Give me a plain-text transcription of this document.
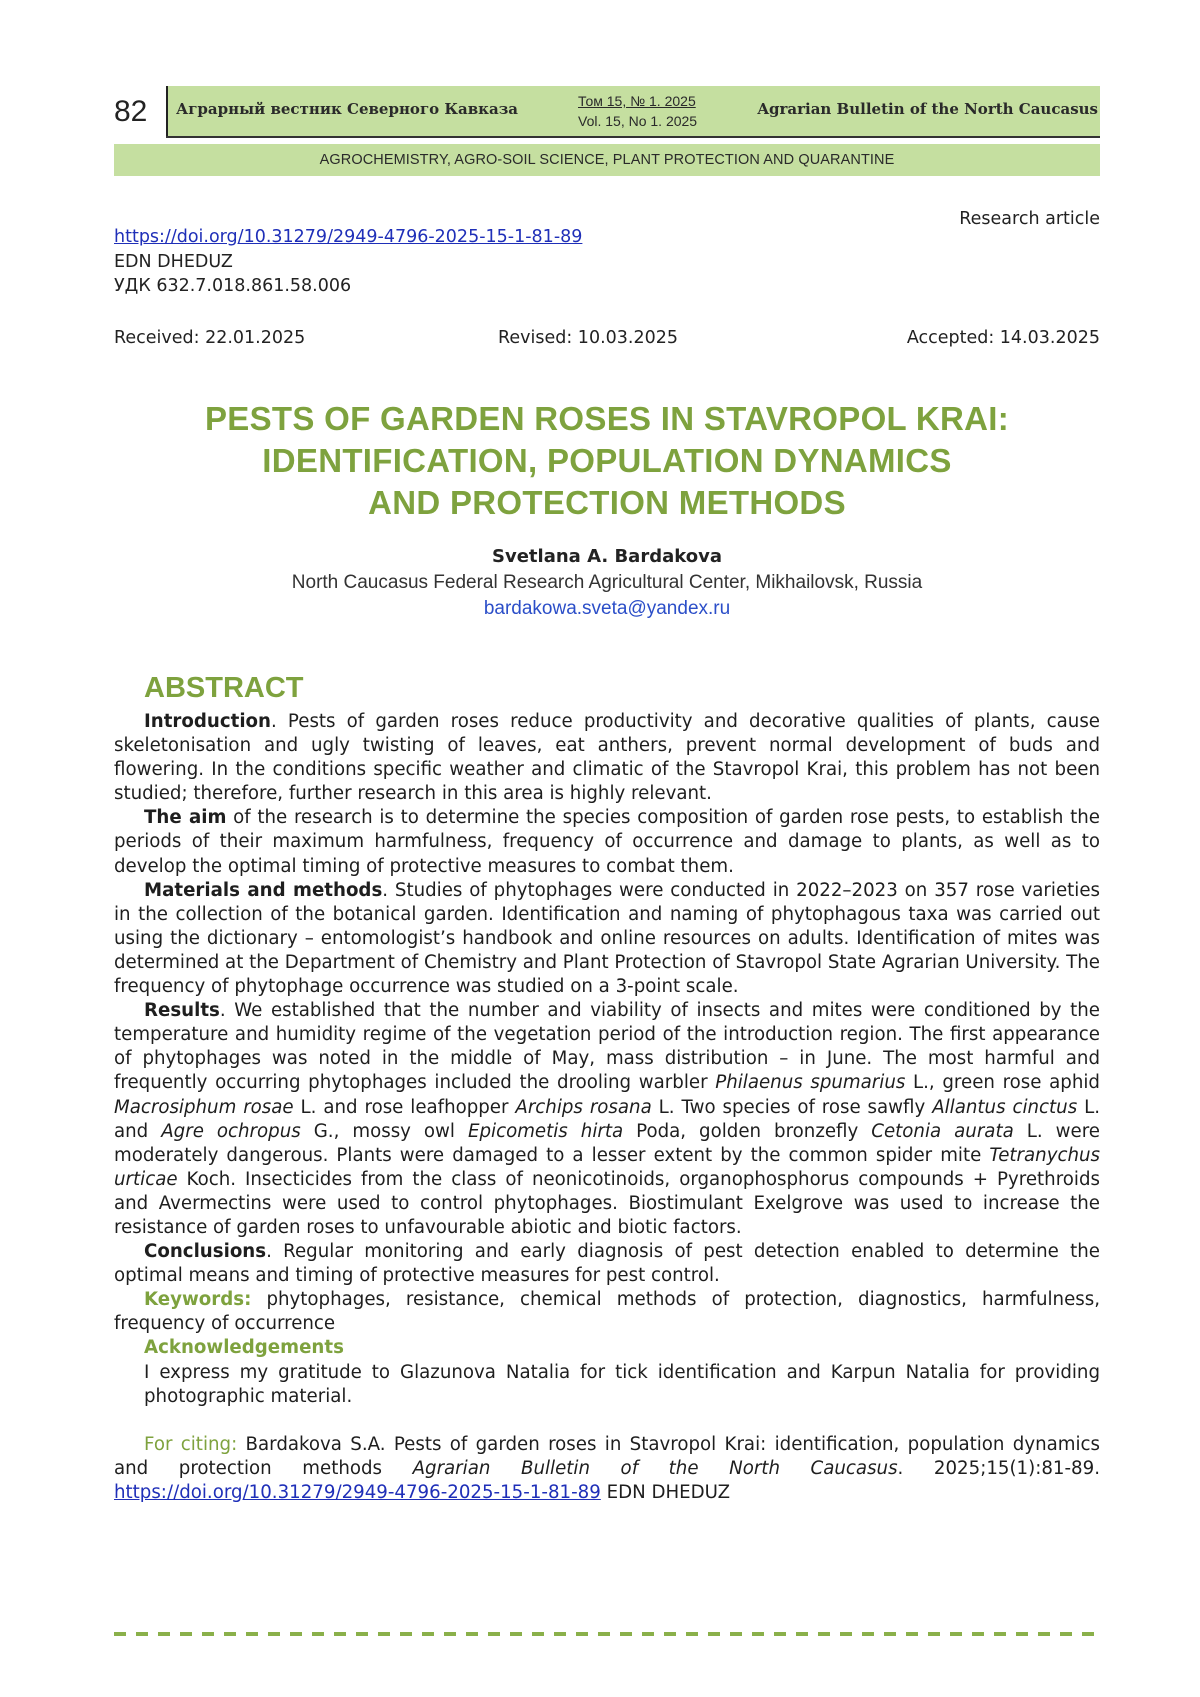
82	Аграрный вестник Северного Кавказа	Том 15, № 1. 2025
Vol. 15, No 1. 2025
Agrarian Bulletin of the North Caucasus
AGROCHEMISTRY, AGRO-SOIL SCIENCE, PLANT PROTECTION AND QUARANTINE
Research article
https://doi.org/10.31279/2949-4796-2025-15-1-81-89
EDN DHEDUZ
УДК 632.7.018.861.58.006
Received: 22.01.2025	Revised: 10.03.2025	Accepted: 14.03.2025
PESTS OF GARDEN ROSES IN STAVROPOL KRAI:
IDENTIFICATION, POPULATION DYNAMICS
AND PROTECTION METHODS
Svetlana A. Bardakova
North Caucasus Federal Research Agricultural Center, Mikhailovsk, Russia
bardakowa.sveta@yandex.ru
ABSTRACT

Introduction. Pests of garden roses reduce productivity and decorative qualities of plants, cause skeletonisation and ugly twisting of leaves, eat anthers, prevent normal development of buds and flowering. In the conditions specific weather and climatic of the Stavropol Krai, this problem has not been studied; therefore, further research in this area is highly relevant.

The aim of the research is to determine the species composition of garden rose pests, to establish the periods of their maximum harmfulness, frequency of occurrence and damage to plants, as well as to develop the optimal timing of protective measures to combat them.

Materials and methods. Studies of phytophages were conducted in 2022–2023 on 357 rose varieties in the collection of the botanical garden. Identification and naming of phytophagous taxa was carried out using the dictionary – entomologist’s handbook and online resources on adults. Identification of mites was determined at the Department of Chemistry and Plant Protection of Stavropol State Agrarian University. The frequency of phytophage occurrence was studied on a 3-point scale.

Results. We established that the number and viability of insects and mites were conditioned by the temperature and humidity regime of the vegetation period of the introduction region. The first appearance of phytophages was noted in the middle of May, mass distribution – in June. The most harmful and frequently occurring phytophages included the drooling warbler Philaenus spumarius L., green rose aphid Macrosiphum rosae L. and rose leafhopper Archips rosana L. Two species of rose sawfly Allantus cinctus L. and Agre ochropus G., mossy owl Epicometis hirta Poda, golden bronzefly Cetonia aurata L. were moderately dangerous. Plants were damaged to a lesser extent by the common spider mite Tetranychus urticae Koch. Insecticides from the class of neonicotinoids, organophosphorus compounds + Pyrethroids and Avermectins were used to control phytophages. Biostimulant Exelgrove was used to increase the resistance of garden roses to unfavourable abiotic and biotic factors.

Conclusions. Regular monitoring and early diagnosis of pest detection enabled to determine the optimal means and timing of protective measures for pest control.

Keywords: phytophages, resistance, chemical methods of protection, diagnostics, harmfulness, frequency of occurrence

Acknowledgements

I express my gratitude to Glazunova Natalia for tick identification and Karpun Natalia for providing photographic material.

For citing: Bardakova S.A. Pests of garden roses in Stavropol Krai: identification, population dynamics and protection methods Agrarian Bulletin of the North Caucasus. 2025;15(1):81-89. https://doi.org/10.31279/2949-4796-2025-15-1-81-89 EDN DHEDUZ
